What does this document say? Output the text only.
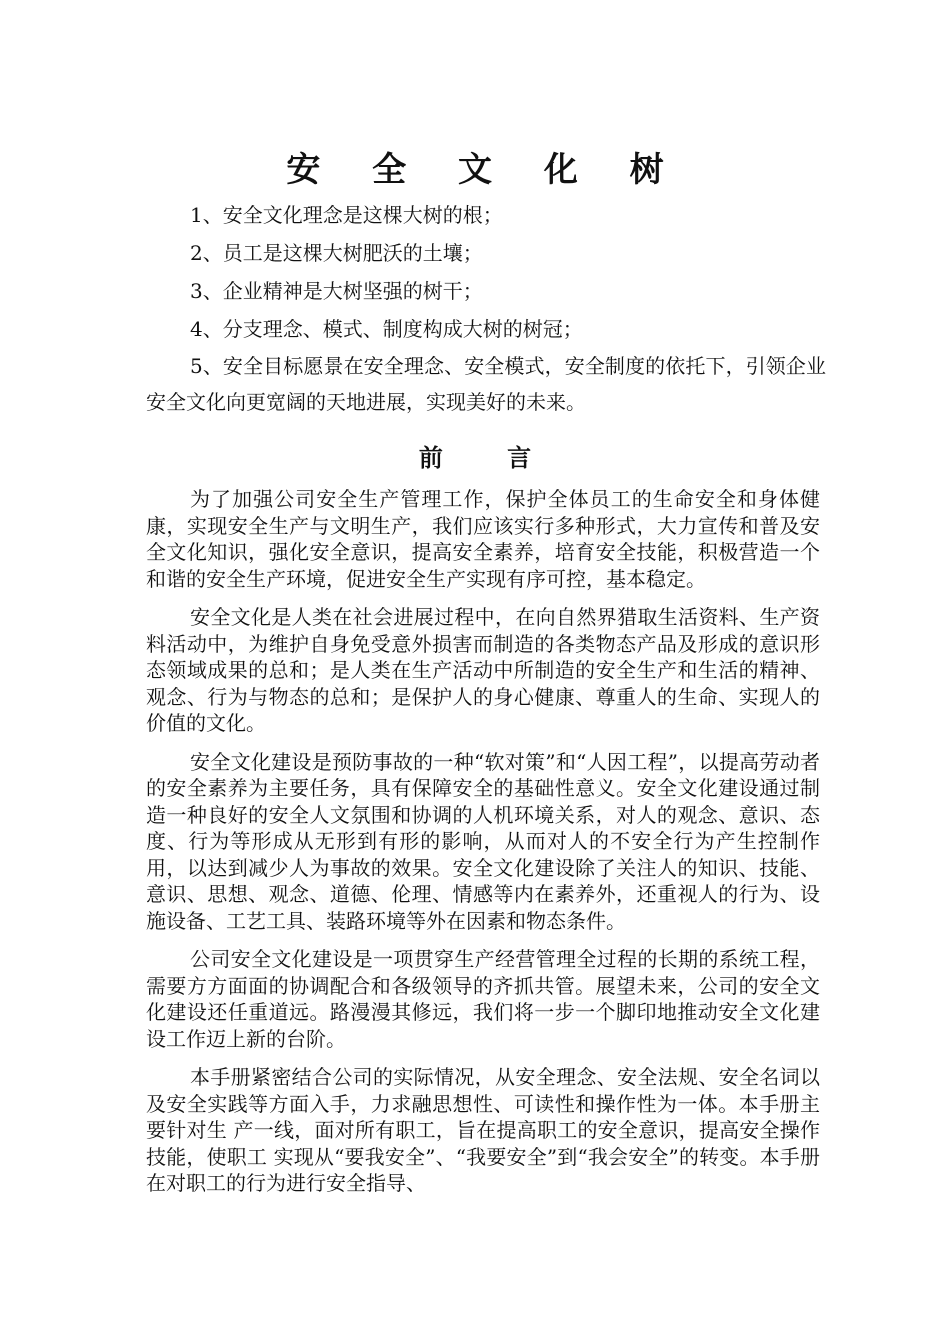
安 全 文 化 树
1、安全文化理念是这棵大树的根；
2、员工是这棵大树肥沃的土壤；
3、企业精神是大树坚强的树干；
4、分支理念、模式、制度构成大树的树冠；
5、安全目标愿景在安全理念、安全模式，安全制度的依托下，引领企业安全文化向更宽阔的天地进展，实现美好的未来。
前 言

为了加强公司安全生产管理工作，保护全体员工的生命安全和身体健康，实现安全生产与文明生产，我们应该实行多种形式，大力宣传和普及安全文化知识，强化安全意识，提高安全素养，培育安全技能，积极营造一个和谐的安全生产环境，促进安全生产实现有序可控，基本稳定。

安全文化是人类在社会进展过程中，在向自然界猎取生活资料、生产资料活动中，为维护自身免受意外损害而制造的各类物态产品及形成的意识形态领域成果的总和；是人类在生产活动中所制造的安全生产和生活的精神、观念、行为与物态的总和；是保护人的身心健康、尊重人的生命、实现人的价值的文化。

安全文化建设是预防事故的一种“软对策”和“人因工程”，以提高劳动者的安全素养为主要任务，具有保障安全的基础性意义。安全文化建设通过制造一种良好的安全人文氛围和协调的人机环境关系，对人的观念、意识、态度、行为等形成从无形到有形的影响，从而对人的不安全行为产生控制作用，以达到减少人为事故的效果。安全文化建设除了关注人的知识、技能、意识、思想、观念、道德、伦理、情感等内在素养外，还重视人的行为、设施设备、工艺工具、装路环境等外在因素和物态条件。

公司安全文化建设是一项贯穿生产经营管理全过程的长期的系统工程，需要方方面面的协调配合和各级领导的齐抓共管。展望未来，公司的安全文化建设还任重道远。路漫漫其修远，我们将一步一个脚印地推动安全文化建设工作迈上新的台阶。

本手册紧密结合公司的实际情况，从安全理念、安全法规、安全名词以及安全实践等方面入手，力求融思想性、可读性和操作性为一体。本手册主要针对生 产一线，面对所有职工，旨在提高职工的安全意识，提高安全操作技能，使职工 实现从“要我安全”、“我要安全”到“我会安全”的转变。本手册在对职工的行为进行安全指导、
